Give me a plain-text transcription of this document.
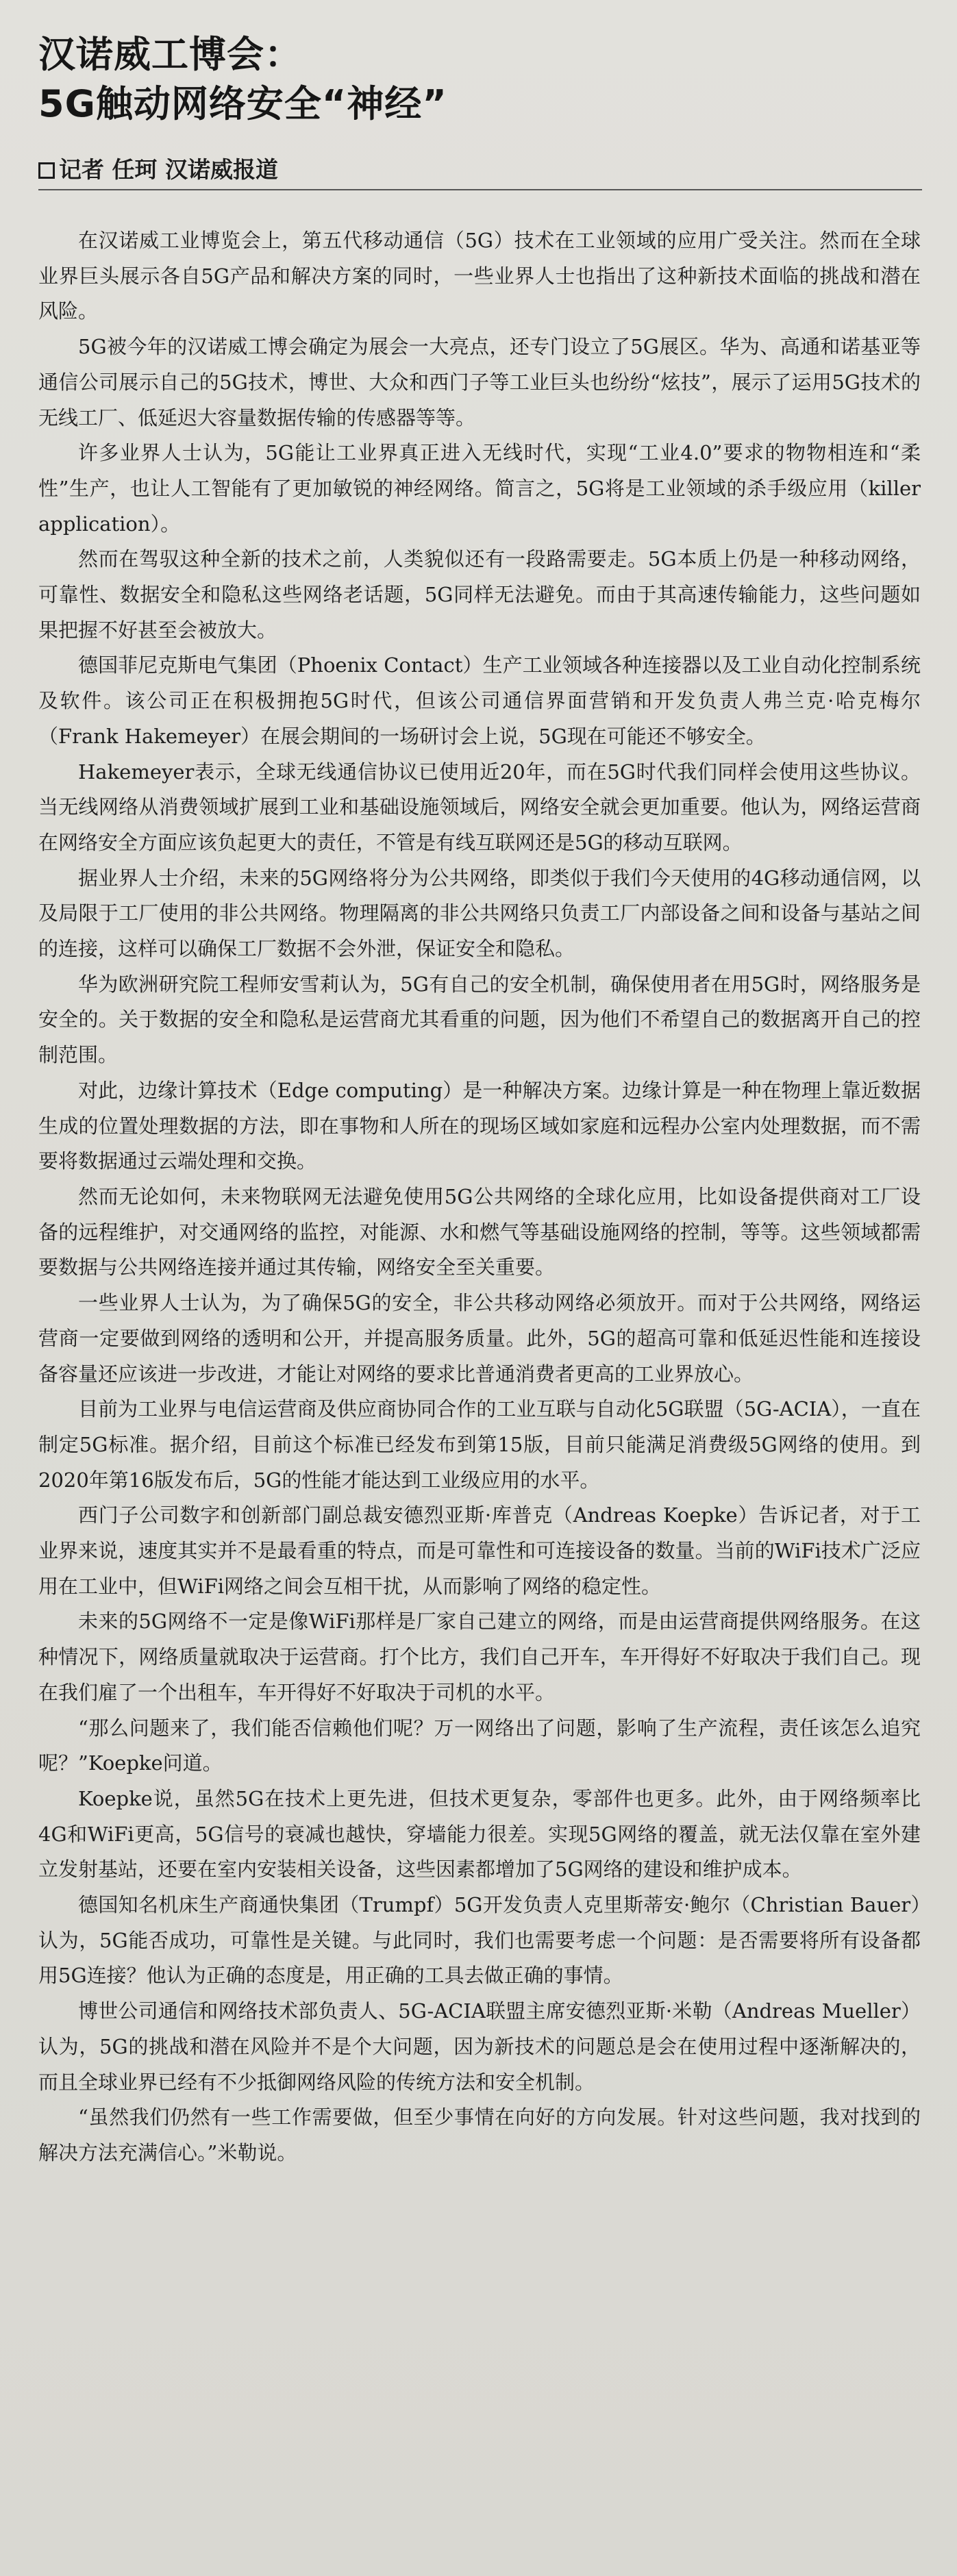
汉诺威工博会：
5G触动网络安全“神经”
记者 任珂 汉诺威报道

在汉诺威工业博览会上，第五代移动通信（5G）技术在工业领域的应用广受关注。然而在全球业界巨头展示各自5G产品和解决方案的同时，一些业界人士也指出了这种新技术面临的挑战和潜在风险。

5G被今年的汉诺威工博会确定为展会一大亮点，还专门设立了5G展区。华为、高通和诺基亚等通信公司展示自己的5G技术，博世、大众和西门子等工业巨头也纷纷“炫技”，展示了运用5G技术的无线工厂、低延迟大容量数据传输的传感器等等。

许多业界人士认为，5G能让工业界真正进入无线时代，实现“工业4.0”要求的物物相连和“柔性”生产，也让人工智能有了更加敏锐的神经网络。简言之，5G将是工业领域的杀手级应用（killer application）。

然而在驾驭这种全新的技术之前，人类貌似还有一段路需要走。5G本质上仍是一种移动网络，可靠性、数据安全和隐私这些网络老话题，5G同样无法避免。而由于其高速传输能力，这些问题如果把握不好甚至会被放大。

德国菲尼克斯电气集团（Phoenix Contact）生产工业领域各种连接器以及工业自动化控制系统及软件。该公司正在积极拥抱5G时代，但该公司通信界面营销和开发负责人弗兰克·哈克梅尔（Frank Hakemeyer）在展会期间的一场研讨会上说，5G现在可能还不够安全。

Hakemeyer表示，全球无线通信协议已使用近20年，而在5G时代我们同样会使用这些协议。当无线网络从消费领域扩展到工业和基础设施领域后，网络安全就会更加重要。他认为，网络运营商在网络安全方面应该负起更大的责任，不管是有线互联网还是5G的移动互联网。

据业界人士介绍，未来的5G网络将分为公共网络，即类似于我们今天使用的4G移动通信网，以及局限于工厂使用的非公共网络。物理隔离的非公共网络只负责工厂内部设备之间和设备与基站之间的连接，这样可以确保工厂数据不会外泄，保证安全和隐私。

华为欧洲研究院工程师安雪莉认为，5G有自己的安全机制，确保使用者在用5G时，网络服务是安全的。关于数据的安全和隐私是运营商尤其看重的问题，因为他们不希望自己的数据离开自己的控制范围。

对此，边缘计算技术（Edge computing）是一种解决方案。边缘计算是一种在物理上靠近数据生成的位置处理数据的方法，即在事物和人所在的现场区域如家庭和远程办公室内处理数据，而不需要将数据通过云端处理和交换。

然而无论如何，未来物联网无法避免使用5G公共网络的全球化应用，比如设备提供商对工厂设备的远程维护，对交通网络的监控，对能源、水和燃气等基础设施网络的控制，等等。这些领域都需要数据与公共网络连接并通过其传输，网络安全至关重要。

一些业界人士认为，为了确保5G的安全，非公共移动网络必须放开。而对于公共网络，网络运营商一定要做到网络的透明和公开，并提高服务质量。此外，5G的超高可靠和低延迟性能和连接设备容量还应该进一步改进，才能让对网络的要求比普通消费者更高的工业界放心。

目前为工业界与电信运营商及供应商协同合作的工业互联与自动化5G联盟（5G-ACIA），一直在制定5G标准。据介绍，目前这个标准已经发布到第15版，目前只能满足消费级5G网络的使用。到2020年第16版发布后，5G的性能才能达到工业级应用的水平。

西门子公司数字和创新部门副总裁安德烈亚斯·库普克（Andreas Koepke）告诉记者，对于工业界来说，速度其实并不是最看重的特点，而是可靠性和可连接设备的数量。当前的WiFi技术广泛应用在工业中，但WiFi网络之间会互相干扰，从而影响了网络的稳定性。

未来的5G网络不一定是像WiFi那样是厂家自己建立的网络，而是由运营商提供网络服务。在这种情况下，网络质量就取决于运营商。打个比方，我们自己开车，车开得好不好取决于我们自己。现在我们雇了一个出租车，车开得好不好取决于司机的水平。

“那么问题来了，我们能否信赖他们呢？万一网络出了问题，影响了生产流程，责任该怎么追究呢？”Koepke问道。

Koepke说，虽然5G在技术上更先进，但技术更复杂，零部件也更多。此外，由于网络频率比4G和WiFi更高，5G信号的衰减也越快，穿墙能力很差。实现5G网络的覆盖，就无法仅靠在室外建立发射基站，还要在室内安装相关设备，这些因素都增加了5G网络的建设和维护成本。

德国知名机床生产商通快集团（Trumpf）5G开发负责人克里斯蒂安·鲍尔（Christian Bauer）认为，5G能否成功，可靠性是关键。与此同时，我们也需要考虑一个问题：是否需要将所有设备都用5G连接？他认为正确的态度是，用正确的工具去做正确的事情。

博世公司通信和网络技术部负责人、5G-ACIA联盟主席安德烈亚斯·米勒（Andreas Mueller）认为，5G的挑战和潜在风险并不是个大问题，因为新技术的问题总是会在使用过程中逐渐解决的，而且全球业界已经有不少抵御网络风险的传统方法和安全机制。

“虽然我们仍然有一些工作需要做，但至少事情在向好的方向发展。针对这些问题，我对找到的解决方法充满信心。”米勒说。
